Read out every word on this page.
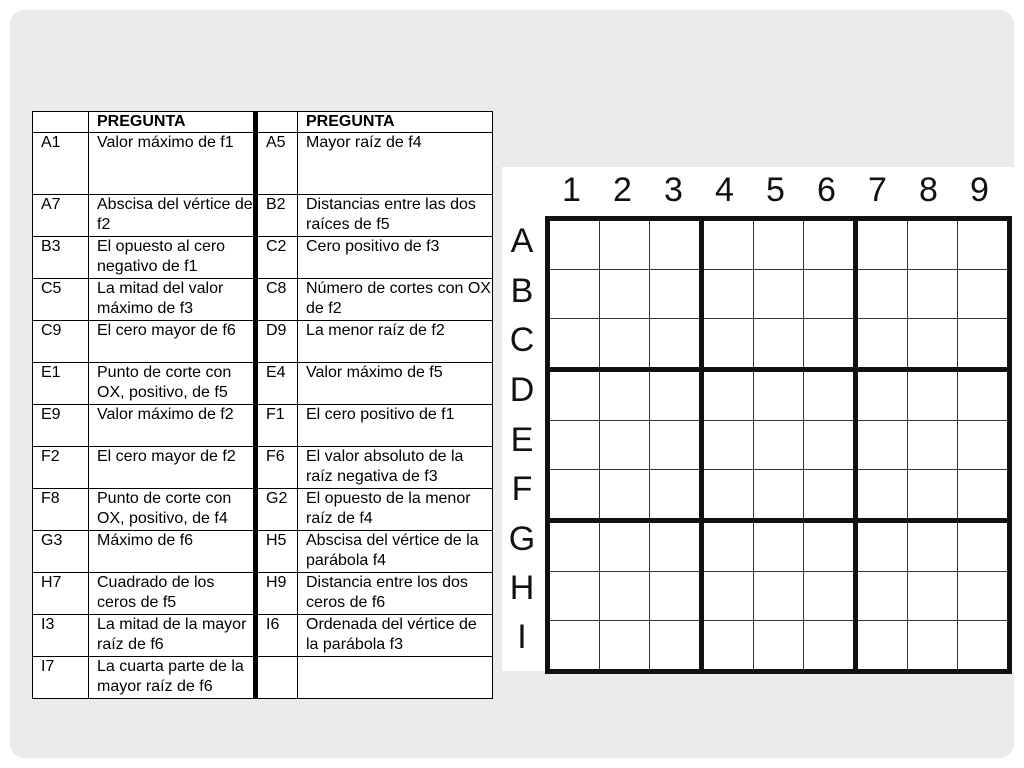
	PREGUNTA		PREGUNTA
A1	Valor máximo de f1	A5	Mayor raíz de f4
A7	Abscisa del vértice de f2	B2	Distancias entre las dos raíces de f5
B3	El opuesto al cero negativo de f1	C2	Cero positivo de f3
C5	La mitad del valor máximo de f3	C8	Número de cortes con OX de f2
C9	El cero mayor de f6	D9	La menor raíz de f2
E1	Punto de corte con OX, positivo, de f5	E4	Valor máximo de f5
E9	Valor máximo de f2	F1	El cero positivo de f1
F2	El cero mayor de f2	F6	El valor absoluto de la raíz negativa de f3
F8	Punto de corte con OX, positivo, de f4	G2	El opuesto de la menor raíz de f4
G3	Máximo de f6	H5	Abscisa del vértice de la parábola f4
H7	Cuadrado de los ceros de f5	H9	Distancia entre los dos ceros de f6
I3	La mitad de la mayor raíz de f6	I6	Ordenada del vértice de la parábola f3
I7	La cuarta parte de la mayor raíz de f6		
1 2 3 4 5 6 7 8 9
A
B
C
D
E
F
G
H
I
